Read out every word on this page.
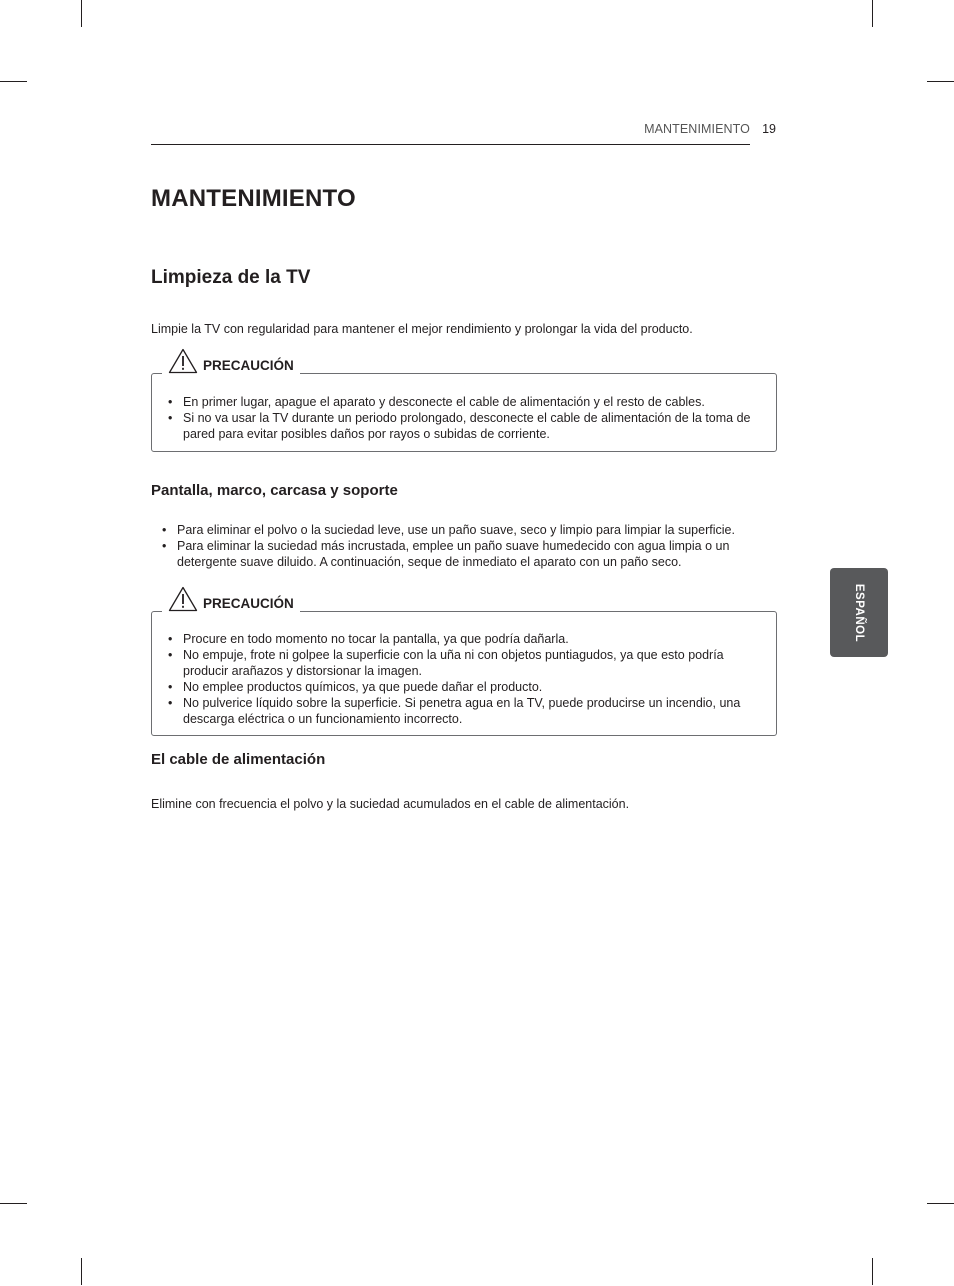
MANTENIMIENTO 19
MANTENIMIENTO
Limpieza de la TV

Limpie la TV con regularidad para mantener el mejor rendimiento y prolongar la vida del producto.

PRECAUCIÓN
• En primer lugar, apague el aparato y desconecte el cable de alimentación y el resto de cables.
• Si no va usar la TV durante un periodo prolongado, desconecte el cable de alimentación de la toma de pared para evitar posibles daños por rayos o subidas de corriente.
Pantalla, marco, carcasa y soporte
• Para eliminar el polvo o la suciedad leve, use un paño suave, seco y limpio para limpiar la superficie.
• Para eliminar la suciedad más incrustada, emplee un paño suave humedecido con agua limpia o un detergente suave diluido. A continuación, seque de inmediato el aparato con un paño seco.
PRECAUCIÓN
• Procure en todo momento no tocar la pantalla, ya que podría dañarla.
• No empuje, frote ni golpee la superficie con la uña ni con objetos puntiagudos, ya que esto podría producir arañazos y distorsionar la imagen.
• No emplee productos químicos, ya que puede dañar el producto.
• No pulverice líquido sobre la superficie. Si penetra agua en la TV, puede producirse un incendio, una descarga eléctrica o un funcionamiento incorrecto.
El cable de alimentación

Elimine con frecuencia el polvo y la suciedad acumulados en el cable de alimentación.

ESPAÑOL
